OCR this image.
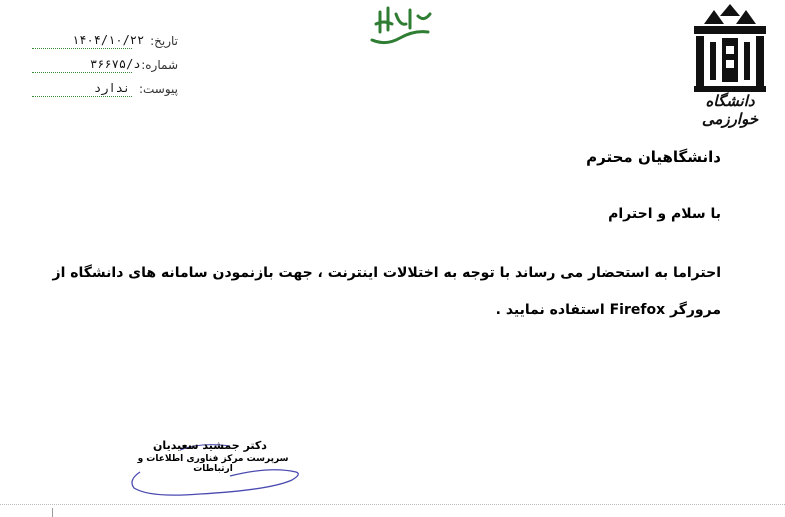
دانشگاه خوارزمی
تاریخ:
۱۴۰۴/۱۰/۲۲
شماره:
د/۳۶۶۷۵
پیوست:
ندارد
دانشگاهیان محترم
با سلام و احترام
احتراما به استحضار می رساند با توجه به اختلالات اینترنت ، جهت بازنمودن سامانه های دانشگاه از
مرورگر Firefox استفاده نمایید .
دکتر جمشید سعیدیان
سرپرست مرکز فناوری اطلاعات و ارتباطات
